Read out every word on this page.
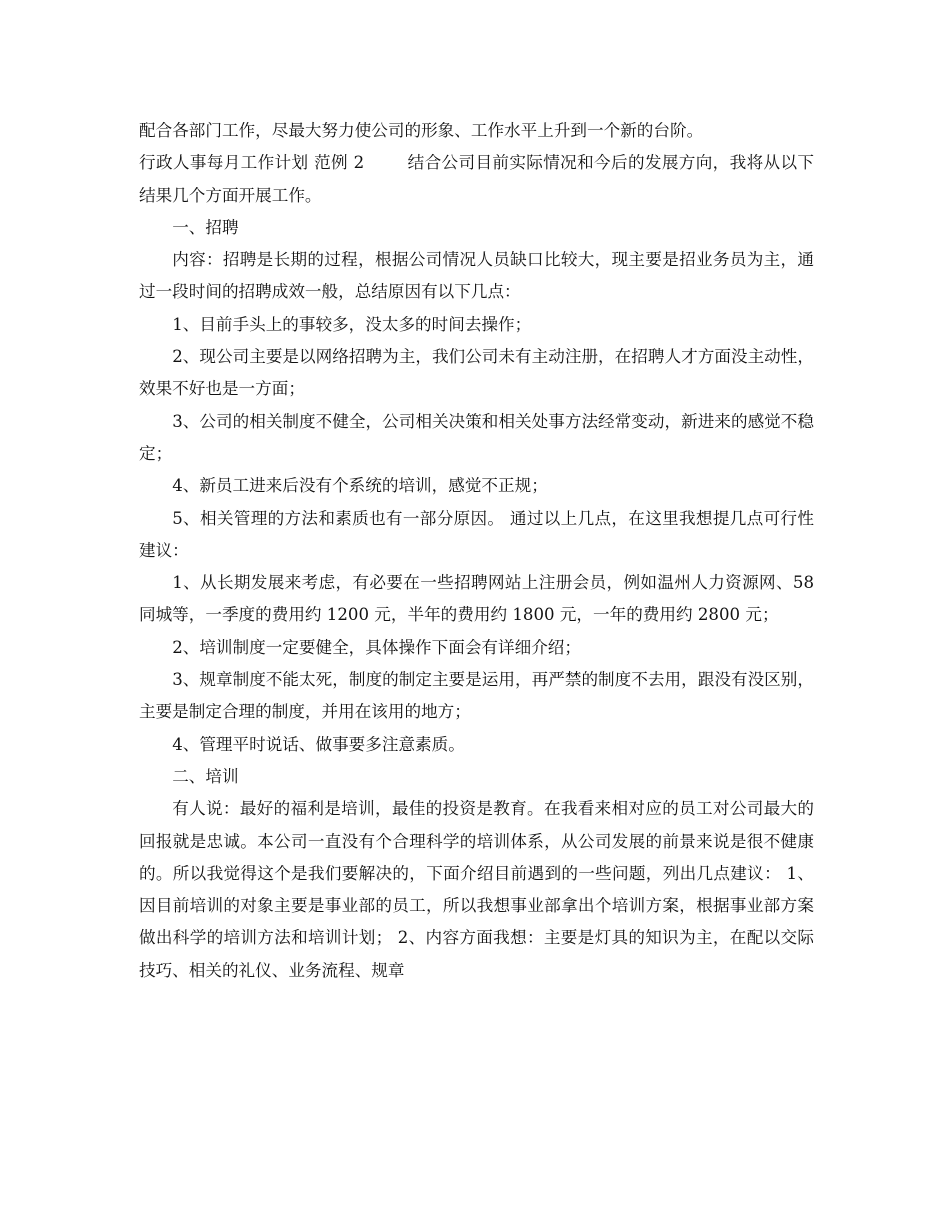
配合各部门工作，尽最大努力使公司的形象、工作水平上升到一个新的台阶。

行政人事每月工作计划 范例 2	结合公司目前实际情况和今后的发展方向，我将从以下结果几个方面开展工作。

一、招聘

内容：招聘是长期的过程，根据公司情况人员缺口比较大，现主要是招业务员为主，通过一段时间的招聘成效一般，总结原因有以下几点：

1、目前手头上的事较多，没太多的时间去操作；

2、现公司主要是以网络招聘为主，我们公司未有主动注册，在招聘人才方面没主动性，效果不好也是一方面；

3、公司的相关制度不健全，公司相关决策和相关处事方法经常变动，新进来的感觉不稳定；

4、新员工进来后没有个系统的培训，感觉不正规；

5、相关管理的方法和素质也有一部分原因。 通过以上几点，在这里我想提几点可行性建议：

1、从长期发展来考虑，有必要在一些招聘网站上注册会员，例如温州人力资源网、58 同城等，一季度的费用约 1200 元，半年的费用约 1800 元，一年的费用约 2800 元；

2、培训制度一定要健全，具体操作下面会有详细介绍；

3、规章制度不能太死，制度的制定主要是运用，再严禁的制度不去用，跟没有没区别，主要是制定合理的制度，并用在该用的地方；

4、管理平时说话、做事要多注意素质。

二、培训

有人说：最好的福利是培训，最佳的投资是教育。在我看来相对应的员工对公司最大的回报就是忠诚。本公司一直没有个合理科学的培训体系，从公司发展的前景来说是很不健康的。所以我觉得这个是我们要解决的，下面介绍目前遇到的一些问题，列出几点建议： 1、因目前培训的对象主要是事业部的员工，所以我想事业部拿出个培训方案，根据事业部方案做出科学的培训方法和培训计划； 2、内容方面我想：主要是灯具的知识为主，在配以交际技巧、相关的礼仪、业务流程、规章
